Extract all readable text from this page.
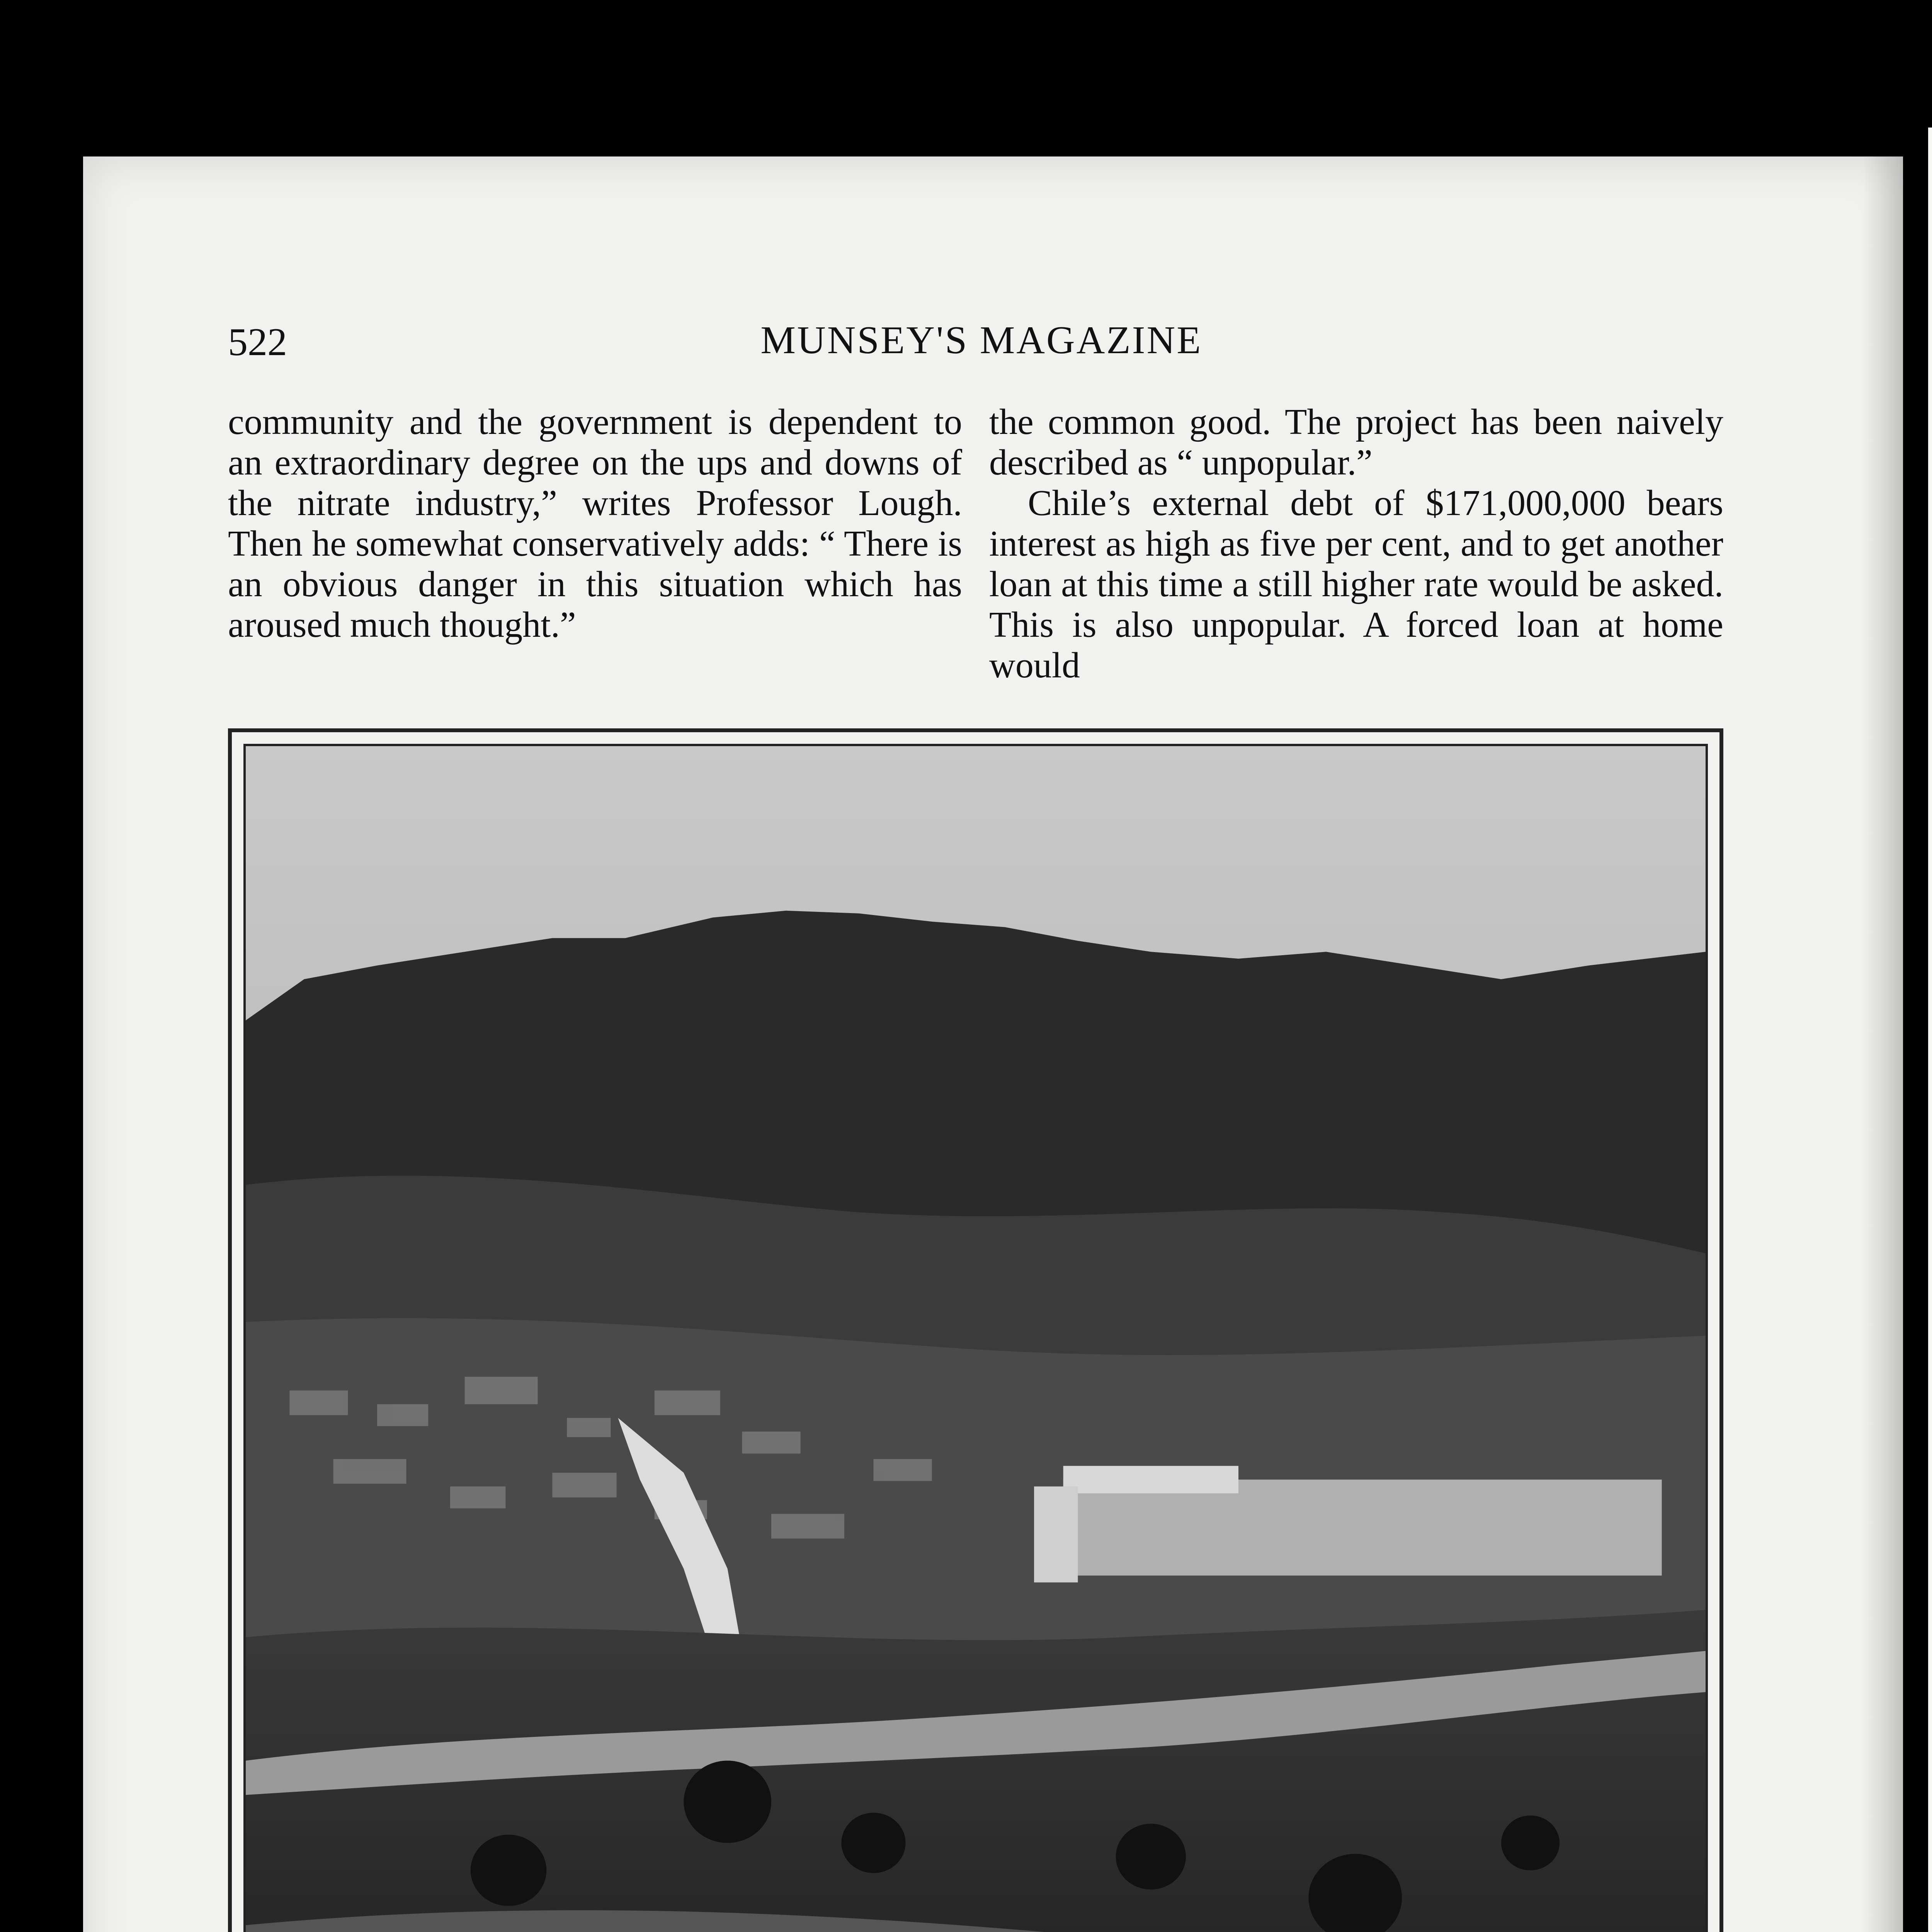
522	MUNSEY'S MAGAZINE

community and the government is dependent to an extraordinary degree on the ups and downs of the nitrate industry,” writes Professor Lough. Then he somewhat conservatively adds: “ There is an obvious danger in this situation which has aroused much thought.”

the common good. The project has been naively described as “ unpopular.”

Chile’s external debt of $171,000,000 bears interest as high as five per cent, and to get another loan at this time a still higher rate would be asked. This is also unpopular. A forced loan at home would
